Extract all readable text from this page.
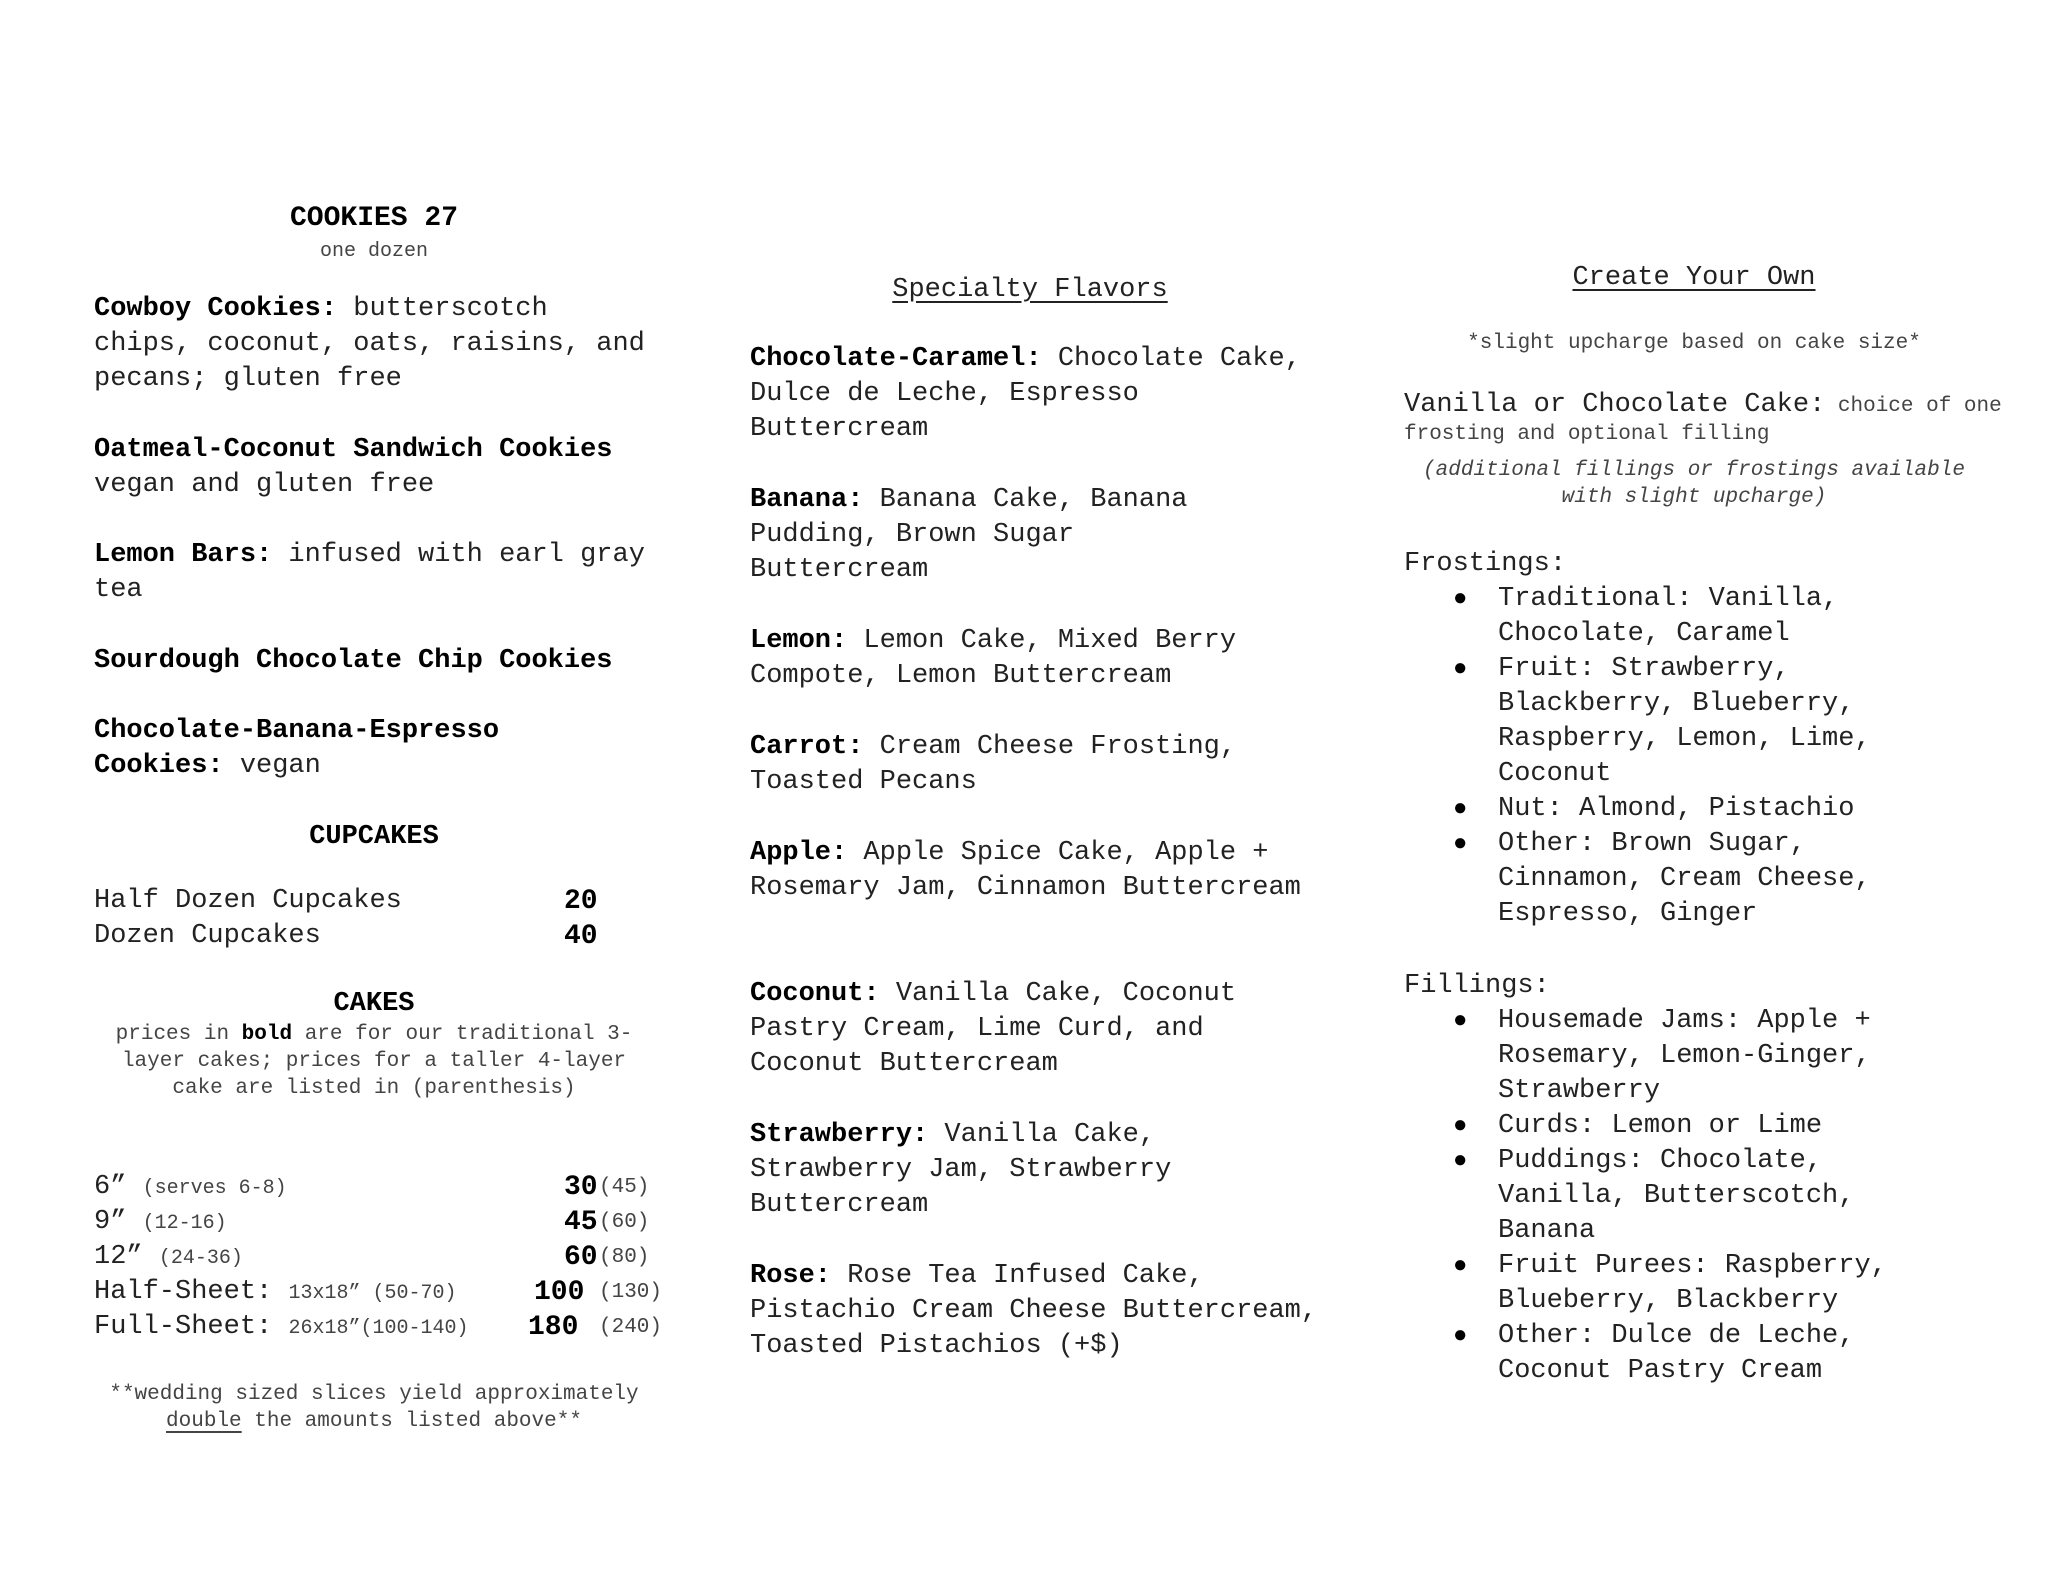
COOKIES 27
one dozen
Cowboy Cookies: butterscotch chips, coconut, oats, raisins, and pecans; gluten free
Oatmeal-Coconut Sandwich Cookies
vegan and gluten free
Lemon Bars: infused with earl gray tea
Sourdough Chocolate Chip Cookies
Chocolate-Banana-Espresso Cookies: vegan
CUPCAKES
Half Dozen Cupcakes	20
Dozen Cupcakes	40
CAKES
prices in bold are for our traditional 3-layer cakes; prices for a taller 4-layer cake are listed in (parenthesis)
6” (serves 6-8)	30 (45)
9” (12-16)	45 (60)
12” (24-36)	60 (80)
Half-Sheet: 13x18” (50-70)	100 (130)
Full-Sheet: 26x18”(100-140) 180 (240)
**wedding sized slices yield approximately double the amounts listed above**
Specialty Flavors
Chocolate-Caramel: Chocolate Cake, Dulce de Leche, Espresso Buttercream
Banana: Banana Cake, Banana Pudding, Brown Sugar Buttercream
Lemon: Lemon Cake, Mixed Berry Compote, Lemon Buttercream
Carrot: Cream Cheese Frosting, Toasted Pecans
Apple: Apple Spice Cake, Apple + Rosemary Jam, Cinnamon Buttercream
Coconut: Vanilla Cake, Coconut Pastry Cream, Lime Curd, and Coconut Buttercream
Strawberry: Vanilla Cake, Strawberry Jam, Strawberry Buttercream
Rose: Rose Tea Infused Cake, Pistachio Cream Cheese Buttercream, Toasted Pistachios (+$)
Create Your Own
*slight upcharge based on cake size*
Vanilla or Chocolate Cake: choice of one frosting and optional filling
(additional fillings or frostings available with slight upcharge)
Frostings:
● Traditional: Vanilla, Chocolate, Caramel
● Fruit: Strawberry, Blackberry, Blueberry, Raspberry, Lemon, Lime, Coconut
● Nut: Almond, Pistachio
● Other: Brown Sugar, Cinnamon, Cream Cheese, Espresso, Ginger
Fillings:
● Housemade Jams: Apple + Rosemary, Lemon-Ginger, Strawberry
● Curds: Lemon or Lime
● Puddings: Chocolate, Vanilla, Butterscotch, Banana
● Fruit Purees: Raspberry, Blueberry, Blackberry
● Other: Dulce de Leche, Coconut Pastry Cream
